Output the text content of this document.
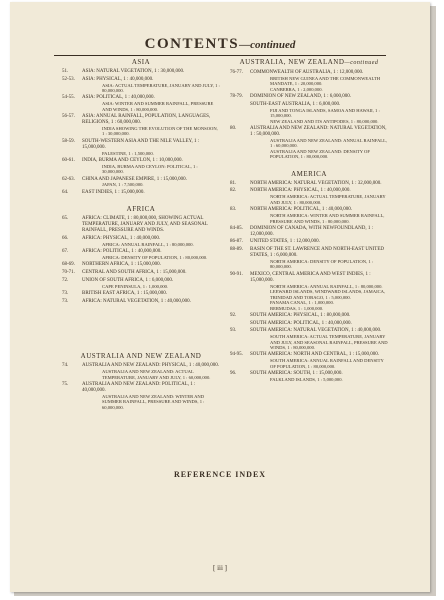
CONTENTS—continued
ASIA
51.	ASIA: NATURAL VEGETATION, 1 : 30,000,000.
52-53. ASIA: PHYSICAL, 1 : 40,000,000.
ASIA: ACTUAL TEMPERATURE, JANUARY AND JULY, 1 : 80,000,000.
54-55. ASIA: POLITICAL, 1 : 40,000,000.
ASIA: WINTER AND SUMMER RAINFALL, PRESSURE AND WINDS, 1 : 80,000,000.
56-57. ASIA: ANNUAL RAINFALL, POPULATION, LANGUAGES, RELIGIONS, 1 : 60,000,000.
INDIA SHOWING THE EVOLUTION OF THE MONSOON, 1 : 30,000,000.
58-59. SOUTH-WESTERN ASIA AND THE NILE VALLEY, 1 : 15,000,000.
PALESTINE, 1 : 1,500,000.
60-61. INDIA, BURMA AND CEYLON, 1 : 10,000,000.
INDIA, BURMA AND CEYLON: POLITICAL, 1 : 30,000,000.
62-63. CHINA AND JAPANESE EMPIRE, 1 : 15,000,000.
JAPAN, 1 : 7,500,000.
64.	EAST INDIES, 1 : 15,000,000.
AFRICA
65.	AFRICA: CLIMATE, 1 : 80,000,000, SHOWING ACTUAL TEMPERATURE, JANUARY AND JULY, AND SEASONAL RAINFALL, PRESSURE AND WINDS.
66.	AFRICA: PHYSICAL, 1 : 40,000,000.
AFRICA: ANNUAL RAINFALL, 1 : 80,000,000.
67.	AFRICA: POLITICAL, 1 : 40,000,000.
AFRICA: DENSITY OF POPULATION, 1 : 80,000,000.
68-69. NORTHERN AFRICA, 1 : 15,000,000.
70-71. CENTRAL AND SOUTH AFRICA, 1 : 15,000,000.
72.	UNION OF SOUTH AFRICA, 1 : 6,000,000.
CAPE PENINSULA, 1 : 1,000,000.
73.	BRITISH EAST AFRICA, 1 : 15,000,000.
73.	AFRICA: NATURAL VEGETATION, 1 : 40,000,000.
AUSTRALIA AND NEW ZEALAND
74.	AUSTRALIA AND NEW ZEALAND: PHYSICAL, 1 : 40,000,000.
AUSTRALIA AND NEW ZEALAND: ACTUAL TEMPERATURE, JANUARY AND JULY, 1 : 60,000,000.
75.	AUSTRALIA AND NEW ZEALAND: POLITICAL, 1 : 40,000,000.
AUSTRALIA AND NEW ZEALAND: WINTER AND SUMMER RAINFALL, PRESSURE AND WINDS, 1 : 60,000,000.
AUSTRALIA, NEW ZEALAND—continued
76-77. COMMONWEALTH OF AUSTRALIA, 1 : 12,000,000.
BRITISH NEW GUINEA AND THE COMMONWEALTH MANDATE, 1 : 20,000,000.
CANBERRA, 1 : 2,000,000.
78-79. DOMINION OF NEW ZEALAND, 1 : 6,000,000.
SOUTH-EAST AUSTRALIA, 1 : 6,000,000.
FIJI AND TONGA ISLANDS, SAMOA AND HAWAII, 1 : 15,000,000.
NEW ZEALAND AND ITS ANTIPODES, 1 : 80,000,000.
80.	AUSTRALIA AND NEW ZEALAND: NATURAL VEGETATION, 1 : 50,000,000.
AUSTRALIA AND NEW ZEALAND: ANNUAL RAINFALL, 1 : 60,000,000.
AUSTRALIA AND NEW ZEALAND: DENSITY OF POPULATION, 1 : 80,000,000.
AMERICA
81.	NORTH AMERICA: NATURAL VEGETATION, 1 : 32,000,000.
82.	NORTH AMERICA: PHYSICAL, 1 : 40,000,000.
NORTH AMERICA: ACTUAL TEMPERATURE, JANUARY AND JULY, 1 : 80,000,000.
83.	NORTH AMERICA: POLITICAL, 1 : 40,000,000.
NORTH AMERICA: WINTER AND SUMMER RAINFALL, PRESSURE AND WINDS, 1 : 80,000,000.
84-85. DOMINION OF CANADA, WITH NEWFOUNDLAND, 1 : 12,000,000.
86-87. UNITED STATES, 1 : 12,000,000.
88-89. BASIN OF THE ST. LAWRENCE AND NORTH-EAST UNITED STATES, 1 : 6,000,000.
NORTH AMERICA: DENSITY OF POPULATION, 1 : 80,000,000.
90-91. MEXICO, CENTRAL AMERICA AND WEST INDIES, 1 : 15,000,000.
NORTH AMERICA: ANNUAL RAINFALL, 1 : 80,000,000.
LEEWARD ISLANDS, WINDWARD ISLANDS, JAMAICA, TRINIDAD AND TOBAGO, 1 : 5,000,000.
PANAMA CANAL, 1 : 1,000,000.
BERMUDAS, 1 : 1,000,000.
92.	SOUTH AMERICA: PHYSICAL, 1 : 80,000,000.
SOUTH AMERICA: POLITICAL, 1 : 40,000,000.
93.	SOUTH AMERICA: NATURAL VEGETATION, 1 : 40,000,000.
SOUTH AMERICA: ACTUAL TEMPERATURE, JANUARY AND JULY, AND SEASONAL RAINFALL, PRESSURE AND WINDS, 1 : 80,000,000.
94-95. SOUTH AMERICA: NORTH AND CENTRAL, 1 : 15,000,000.
SOUTH AMERICA: ANNUAL RAINFALL AND DENSITY OF POPULATION, 1 : 80,000,000.
96.	SOUTH AMERICA: SOUTH, 1 : 15,000,000.
FALKLAND ISLANDS, 1 : 5,000,000.
REFERENCE INDEX
[ iii ]
